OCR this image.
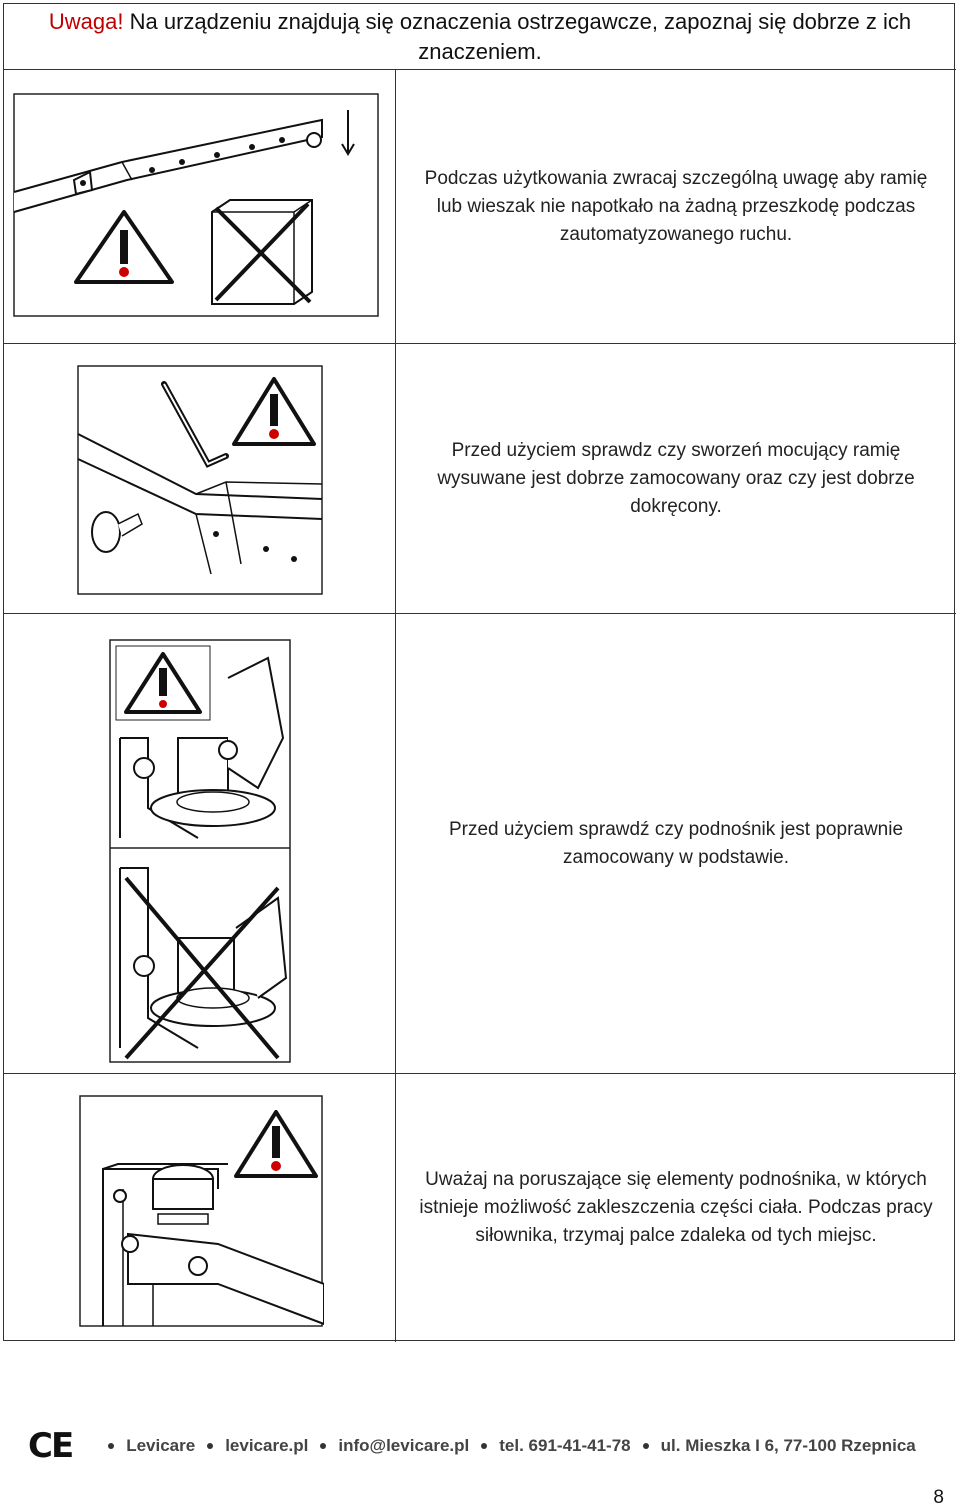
Uwaga! Na urządzeniu znajdują się oznaczenia ostrzegawcze, zapoznaj się dobrze z ich znaczeniem.
Podczas użytkowania zwracaj szczególną uwagę aby ramię lub wieszak nie napotkało na żadną przeszkodę podczas zautomatyzowanego ruchu.
Przed użyciem sprawdz czy sworzeń mocujący ramię wysuwane jest dobrze zamocowany oraz czy jest dobrze dokręcony.
Przed użyciem sprawdź czy podnośnik jest poprawnie zamocowany w podstawie.
Uważaj na poruszające się elementy podnośnika, w których istnieje możliwość zakleszczenia części ciała. Podczas pracy siłownika, trzymaj palce zdaleka od tych miejsc.
CE	Levicare levicare.pl info@levicare.pl tel. 691-41-41-78 ul. Mieszka I 6, 77-100 Rzepnica
8
